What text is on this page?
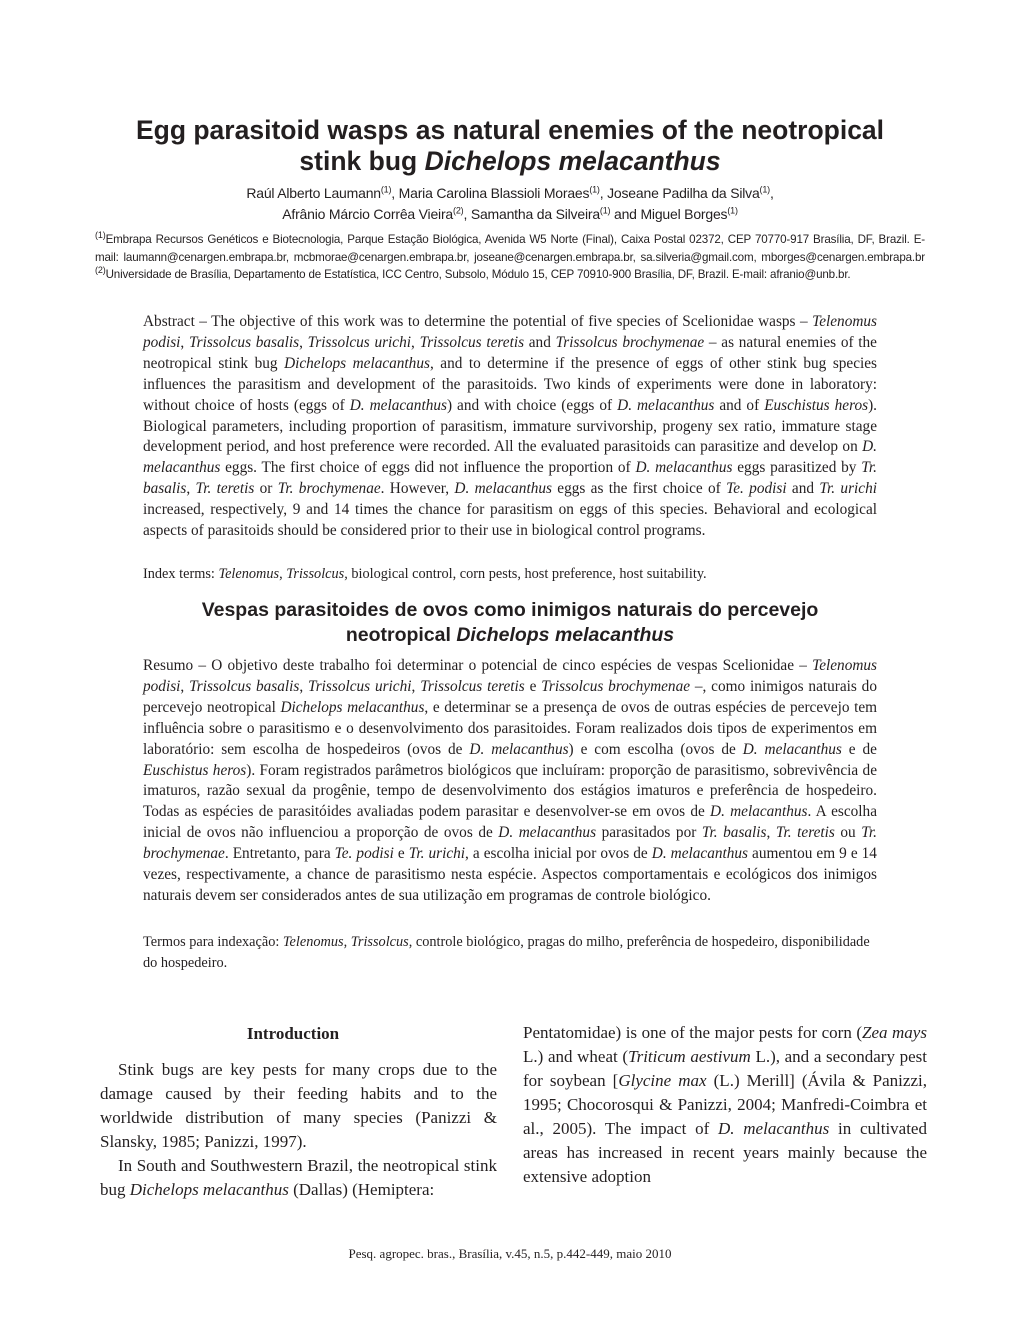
Egg parasitoid wasps as natural enemies of the neotropical
stink bug Dichelops melacanthus
Raúl Alberto Laumann$^{(1)}$, Maria Carolina Blassioli Moraes$^{(1)}$, Joseane Padilha da Silva$^{(1)}$,
Afrânio Márcio Corrêa Vieira$^{(2)}$, Samantha da Silveira$^{(1)}$ and Miguel Borges$^{(1)}$
$^{(1)}$Embrapa Recursos Genéticos e Biotecnologia, Parque Estação Biológica, Avenida W5 Norte (Final), Caixa Postal 02372, CEP 70770-917 Brasília, DF, Brazil. E-mail: laumann@cenargen.embrapa.br, mcbmorae@cenargen.embrapa.br, joseane@cenargen.embrapa.br, sa.silveria@gmail.com, mborges@cenargen.embrapa.br $^{(2)}$Universidade de Brasília, Departamento de Estatística, ICC Centro, Subsolo, Módulo 15, CEP 70910-900 Brasília, DF, Brazil. E-mail: afranio@unb.br.
Abstract – The objective of this work was to determine the potential of five species of Scelionidae wasps – Telenomus podisi, Trissolcus basalis, Trissolcus urichi, Trissolcus teretis and Trissolcus brochymenae – as natural enemies of the neotropical stink bug Dichelops melacanthus, and to determine if the presence of eggs of other stink bug species influences the parasitism and development of the parasitoids. Two kinds of experiments were done in laboratory: without choice of hosts (eggs of D. melacanthus) and with choice (eggs of D. melacanthus and of Euschistus heros). Biological parameters, including proportion of parasitism, immature survivorship, progeny sex ratio, immature stage development period, and host preference were recorded. All the evaluated parasitoids can parasitize and develop on D. melacanthus eggs. The first choice of eggs did not influence the proportion of D. melacanthus eggs parasitized by Tr. basalis, Tr. teretis or Tr. brochymenae. However, D. melacanthus eggs as the first choice of Te. podisi and Tr. urichi increased, respectively, 9 and 14 times the chance for parasitism on eggs of this species. Behavioral and ecological aspects of parasitoids should be considered prior to their use in biological control programs.
Index terms: Telenomus, Trissolcus, biological control, corn pests, host preference, host suitability.
Vespas parasitoides de ovos como inimigos naturais do percevejo
neotropical Dichelops melacanthus
Resumo – O objetivo deste trabalho foi determinar o potencial de cinco espécies de vespas Scelionidae – Telenomus podisi, Trissolcus basalis, Trissolcus urichi, Trissolcus teretis e Trissolcus brochymenae –, como inimigos naturais do percevejo neotropical Dichelops melacanthus, e determinar se a presença de ovos de outras espécies de percevejo tem influência sobre o parasitismo e o desenvolvimento dos parasitoides. Foram realizados dois tipos de experimentos em laboratório: sem escolha de hospedeiros (ovos de D. melacanthus) e com escolha (ovos de D. melacanthus e de Euschistus heros). Foram registrados parâmetros biológicos que incluíram: proporção de parasitismo, sobrevivência de imaturos, razão sexual da progênie, tempo de desenvolvimento dos estágios imaturos e preferência de hospedeiro. Todas as espécies de parasitóides avaliadas podem parasitar e desenvolver-se em ovos de D. melacanthus. A escolha inicial de ovos não influenciou a proporção de ovos de D. melacanthus parasitados por Tr. basalis, Tr. teretis ou Tr. brochymenae. Entretanto, para Te. podisi e Tr. urichi, a escolha inicial por ovos de D. melacanthus aumentou em 9 e 14 vezes, respectivamente, a chance de parasitismo nesta espécie. Aspectos comportamentais e ecológicos dos inimigos naturais devem ser considerados antes de sua utilização em programas de controle biológico.
Termos para indexação: Telenomus, Trissolcus, controle biológico, pragas do milho, preferência de hospedeiro, disponibilidade do hospedeiro.
Introduction

Stink bugs are key pests for many crops due to the damage caused by their feeding habits and to the worldwide distribution of many species (Panizzi & Slansky, 1985; Panizzi, 1997).

In South and Southwestern Brazil, the neotropical stink bug Dichelops melacanthus (Dallas) (Hemiptera:

Pentatomidae) is one of the major pests for corn (Zea mays L.) and wheat (Triticum aestivum L.), and a secondary pest for soybean [Glycine max (L.) Merill] (Ávila & Panizzi, 1995; Chocorosqui & Panizzi, 2004; Manfredi-Coimbra et al., 2005). The impact of D. melacanthus in cultivated areas has increased in recent years mainly because the extensive adoption

Pesq. agropec. bras., Brasília, v.45, n.5, p.442-449, maio 2010
